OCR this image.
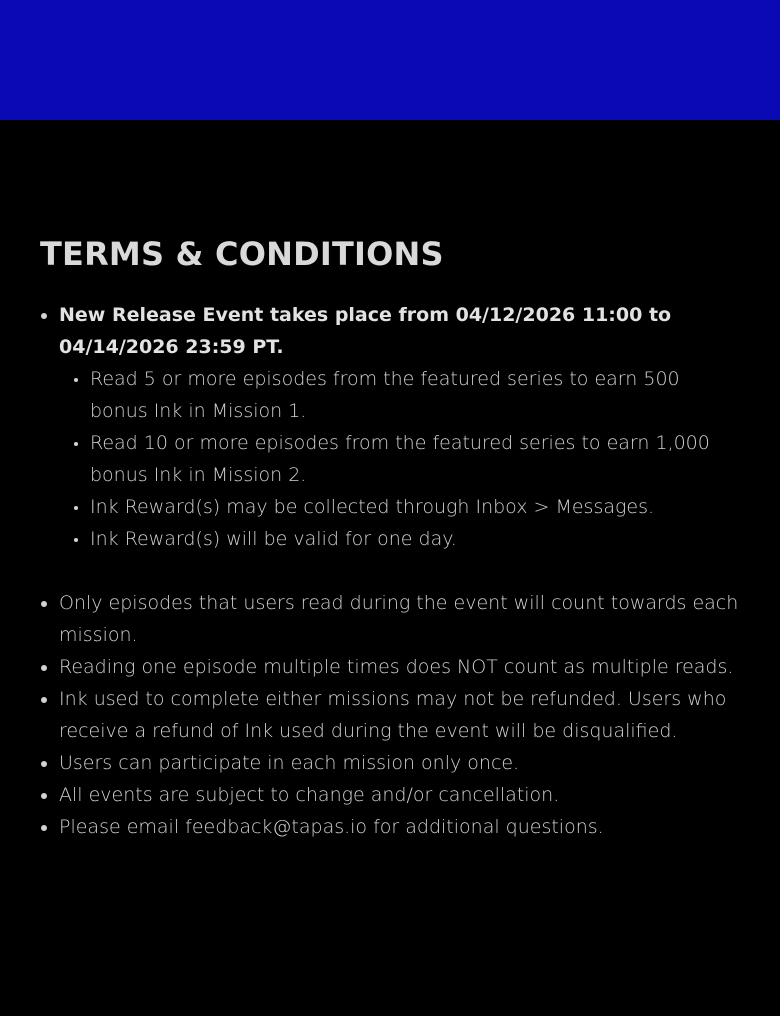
TERMS & CONDITIONS
New Release Event takes place from 04/12/2026 11:00 to 04/14/2026 23:59 PT.
Read 5 or more episodes from the featured series to earn 500 bonus Ink in Mission 1.
Read 10 or more episodes from the featured series to earn 1,000 bonus Ink in Mission 2.
Ink Reward(s) may be collected through Inbox > Messages.
Ink Reward(s) will be valid for one day.
Only episodes that users read during the event will count towards each mission.
Reading one episode multiple times does NOT count as multiple reads.
Ink used to complete either missions may not be refunded. Users who receive a refund of Ink used during the event will be disqualified.
Users can participate in each mission only once.
All events are subject to change and/or cancellation.
Please email feedback@tapas.io for additional questions.
